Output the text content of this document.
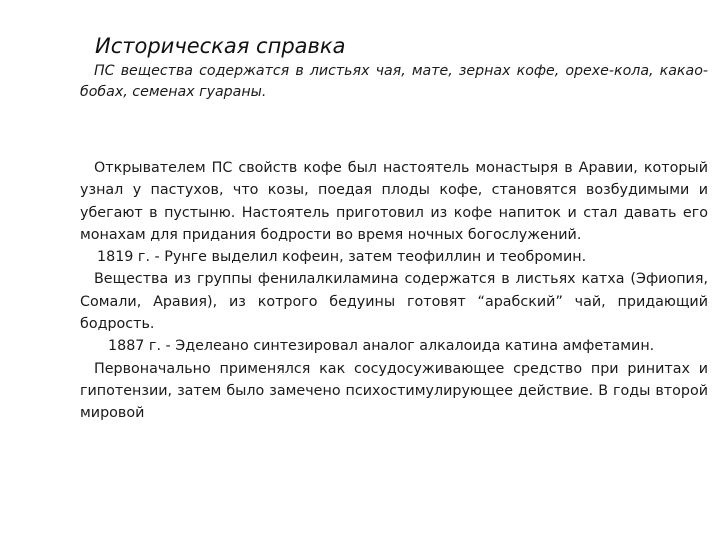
Историческая справка
ПС вещества содержатся в листьях чая, мате, зернах кофе, орехе-кола, какао-бобах, семенах гуараны.

Открывателем ПС свойств кофе был настоятель монастыря в Аравии, который узнал у пастухов, что козы, поедая плоды кофе, становятся возбудимыми и убегают в пустыню. Настоятель приготовил из кофе напиток и стал давать его монахам для придания бодрости во время ночных богослужений.

1819 г. - Рунге выделил кофеин, затем теофиллин и теобромин.

Вещества из группы фенилалкиламина содержатся в листьях катха (Эфиопия, Сомали, Аравия), из котрого бедуины готовят “арабский” чай, придающий бодрость.

1887 г. - Эделеано синтезировал аналог алкалоида катина амфетамин.

Первоначально применялся как сосудосуживающее средство при ринитах и гипотензии, затем было замечено психостимулирующее действие. В годы второй мировой
